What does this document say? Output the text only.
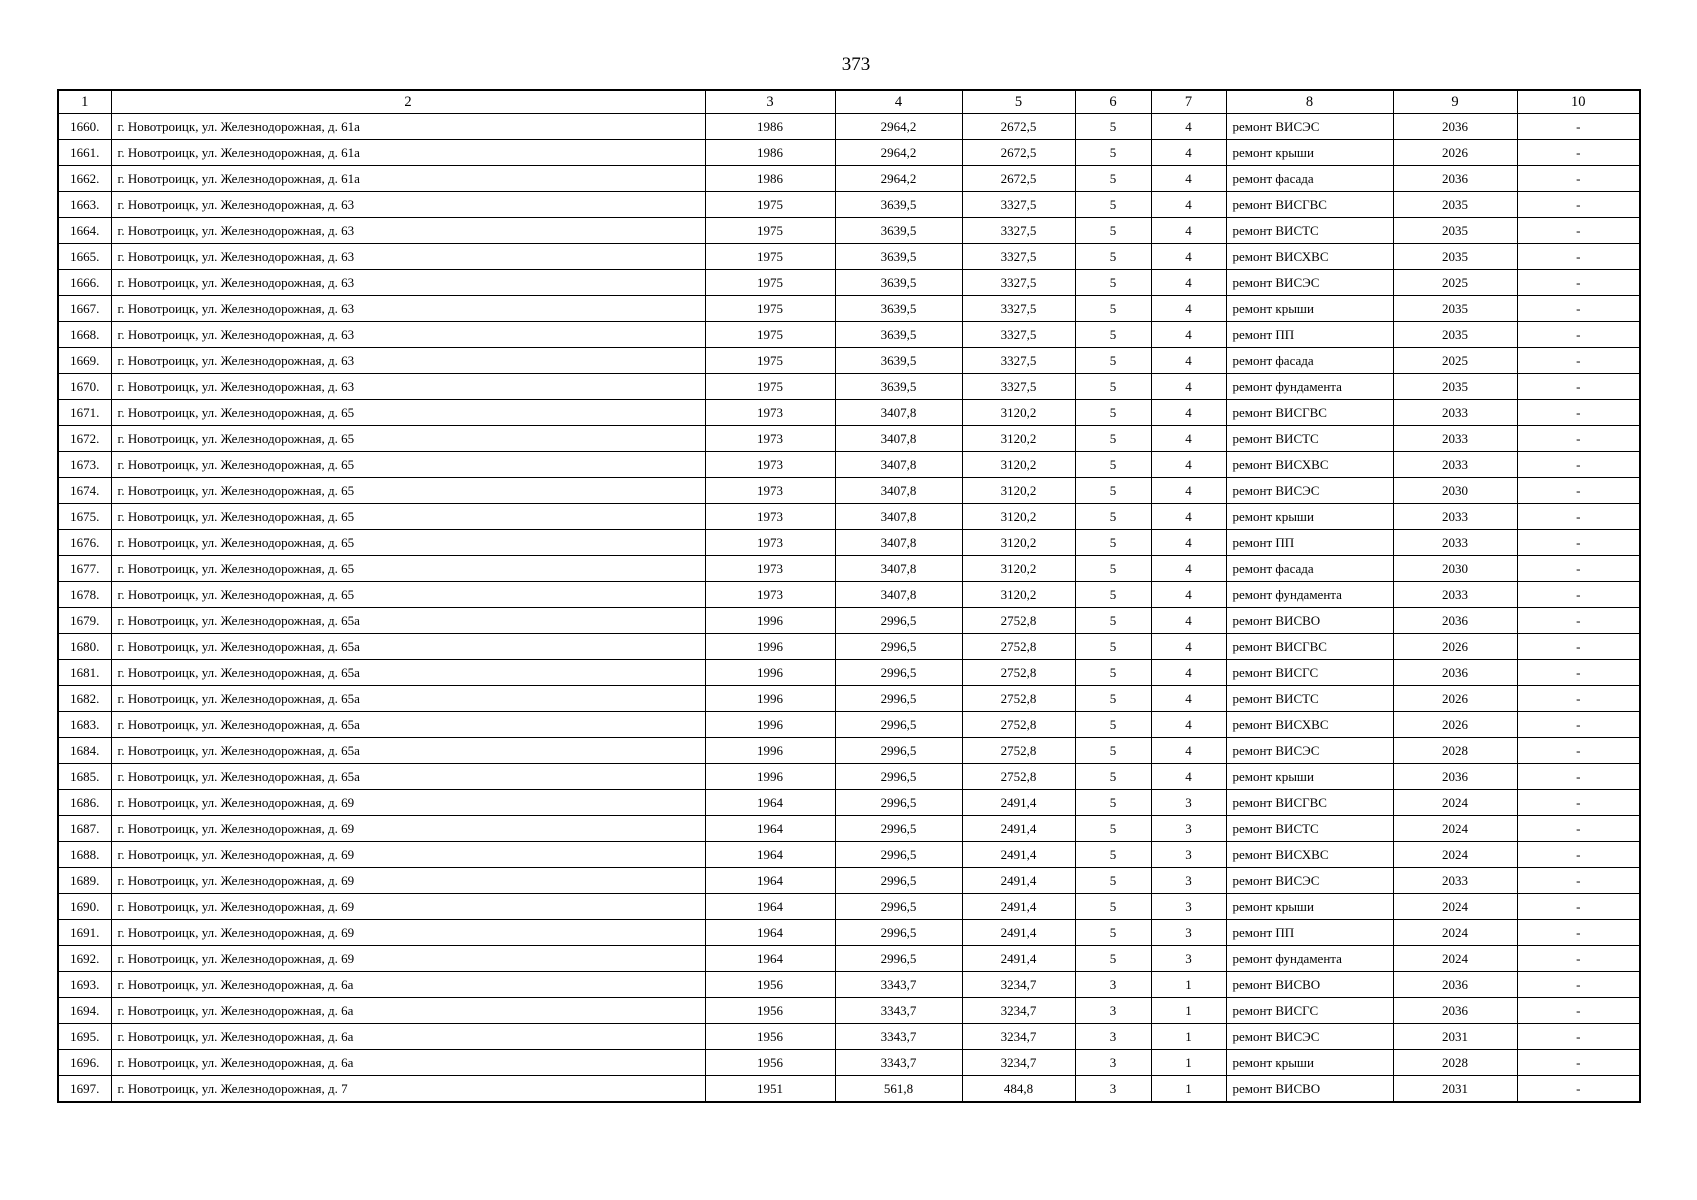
373
1	2	3	4	5	6	7	8	9	10
1660.	г. Новотроицк, ул. Железнодорожная, д. 61а	1986	2964,2	2672,5	5	4	ремонт ВИСЭС	2036	-
1661.	г. Новотроицк, ул. Железнодорожная, д. 61а	1986	2964,2	2672,5	5	4	ремонт крыши	2026	-
1662.	г. Новотроицк, ул. Железнодорожная, д. 61а	1986	2964,2	2672,5	5	4	ремонт фасада	2036	-
1663.	г. Новотроицк, ул. Железнодорожная, д. 63	1975	3639,5	3327,5	5	4	ремонт ВИСГВС	2035	-
1664.	г. Новотроицк, ул. Железнодорожная, д. 63	1975	3639,5	3327,5	5	4	ремонт ВИСТС	2035	-
1665.	г. Новотроицк, ул. Железнодорожная, д. 63	1975	3639,5	3327,5	5	4	ремонт ВИСХВС	2035	-
1666.	г. Новотроицк, ул. Железнодорожная, д. 63	1975	3639,5	3327,5	5	4	ремонт ВИСЭС	2025	-
1667.	г. Новотроицк, ул. Железнодорожная, д. 63	1975	3639,5	3327,5	5	4	ремонт крыши	2035	-
1668.	г. Новотроицк, ул. Железнодорожная, д. 63	1975	3639,5	3327,5	5	4	ремонт ПП	2035	-
1669.	г. Новотроицк, ул. Железнодорожная, д. 63	1975	3639,5	3327,5	5	4	ремонт фасада	2025	-
1670.	г. Новотроицк, ул. Железнодорожная, д. 63	1975	3639,5	3327,5	5	4	ремонт фундамента	2035	-
1671.	г. Новотроицк, ул. Железнодорожная, д. 65	1973	3407,8	3120,2	5	4	ремонт ВИСГВС	2033	-
1672.	г. Новотроицк, ул. Железнодорожная, д. 65	1973	3407,8	3120,2	5	4	ремонт ВИСТС	2033	-
1673.	г. Новотроицк, ул. Железнодорожная, д. 65	1973	3407,8	3120,2	5	4	ремонт ВИСХВС	2033	-
1674.	г. Новотроицк, ул. Железнодорожная, д. 65	1973	3407,8	3120,2	5	4	ремонт ВИСЭС	2030	-
1675.	г. Новотроицк, ул. Железнодорожная, д. 65	1973	3407,8	3120,2	5	4	ремонт крыши	2033	-
1676.	г. Новотроицк, ул. Железнодорожная, д. 65	1973	3407,8	3120,2	5	4	ремонт ПП	2033	-
1677.	г. Новотроицк, ул. Железнодорожная, д. 65	1973	3407,8	3120,2	5	4	ремонт фасада	2030	-
1678.	г. Новотроицк, ул. Железнодорожная, д. 65	1973	3407,8	3120,2	5	4	ремонт фундамента	2033	-
1679.	г. Новотроицк, ул. Железнодорожная, д. 65а	1996	2996,5	2752,8	5	4	ремонт ВИСВО	2036	-
1680.	г. Новотроицк, ул. Железнодорожная, д. 65а	1996	2996,5	2752,8	5	4	ремонт ВИСГВС	2026	-
1681.	г. Новотроицк, ул. Железнодорожная, д. 65а	1996	2996,5	2752,8	5	4	ремонт ВИСГС	2036	-
1682.	г. Новотроицк, ул. Железнодорожная, д. 65а	1996	2996,5	2752,8	5	4	ремонт ВИСТС	2026	-
1683.	г. Новотроицк, ул. Железнодорожная, д. 65а	1996	2996,5	2752,8	5	4	ремонт ВИСХВС	2026	-
1684.	г. Новотроицк, ул. Железнодорожная, д. 65а	1996	2996,5	2752,8	5	4	ремонт ВИСЭС	2028	-
1685.	г. Новотроицк, ул. Железнодорожная, д. 65а	1996	2996,5	2752,8	5	4	ремонт крыши	2036	-
1686.	г. Новотроицк, ул. Железнодорожная, д. 69	1964	2996,5	2491,4	5	3	ремонт ВИСГВС	2024	-
1687.	г. Новотроицк, ул. Железнодорожная, д. 69	1964	2996,5	2491,4	5	3	ремонт ВИСТС	2024	-
1688.	г. Новотроицк, ул. Железнодорожная, д. 69	1964	2996,5	2491,4	5	3	ремонт ВИСХВС	2024	-
1689.	г. Новотроицк, ул. Железнодорожная, д. 69	1964	2996,5	2491,4	5	3	ремонт ВИСЭС	2033	-
1690.	г. Новотроицк, ул. Железнодорожная, д. 69	1964	2996,5	2491,4	5	3	ремонт крыши	2024	-
1691.	г. Новотроицк, ул. Железнодорожная, д. 69	1964	2996,5	2491,4	5	3	ремонт ПП	2024	-
1692.	г. Новотроицк, ул. Железнодорожная, д. 69	1964	2996,5	2491,4	5	3	ремонт фундамента	2024	-
1693.	г. Новотроицк, ул. Железнодорожная, д. 6а	1956	3343,7	3234,7	3	1	ремонт ВИСВО	2036	-
1694.	г. Новотроицк, ул. Железнодорожная, д. 6а	1956	3343,7	3234,7	3	1	ремонт ВИСГС	2036	-
1695.	г. Новотроицк, ул. Железнодорожная, д. 6а	1956	3343,7	3234,7	3	1	ремонт ВИСЭС	2031	-
1696.	г. Новотроицк, ул. Железнодорожная, д. 6а	1956	3343,7	3234,7	3	1	ремонт крыши	2028	-
1697.	г. Новотроицк, ул. Железнодорожная, д. 7	1951	561,8	484,8	3	1	ремонт ВИСВО	2031	-
